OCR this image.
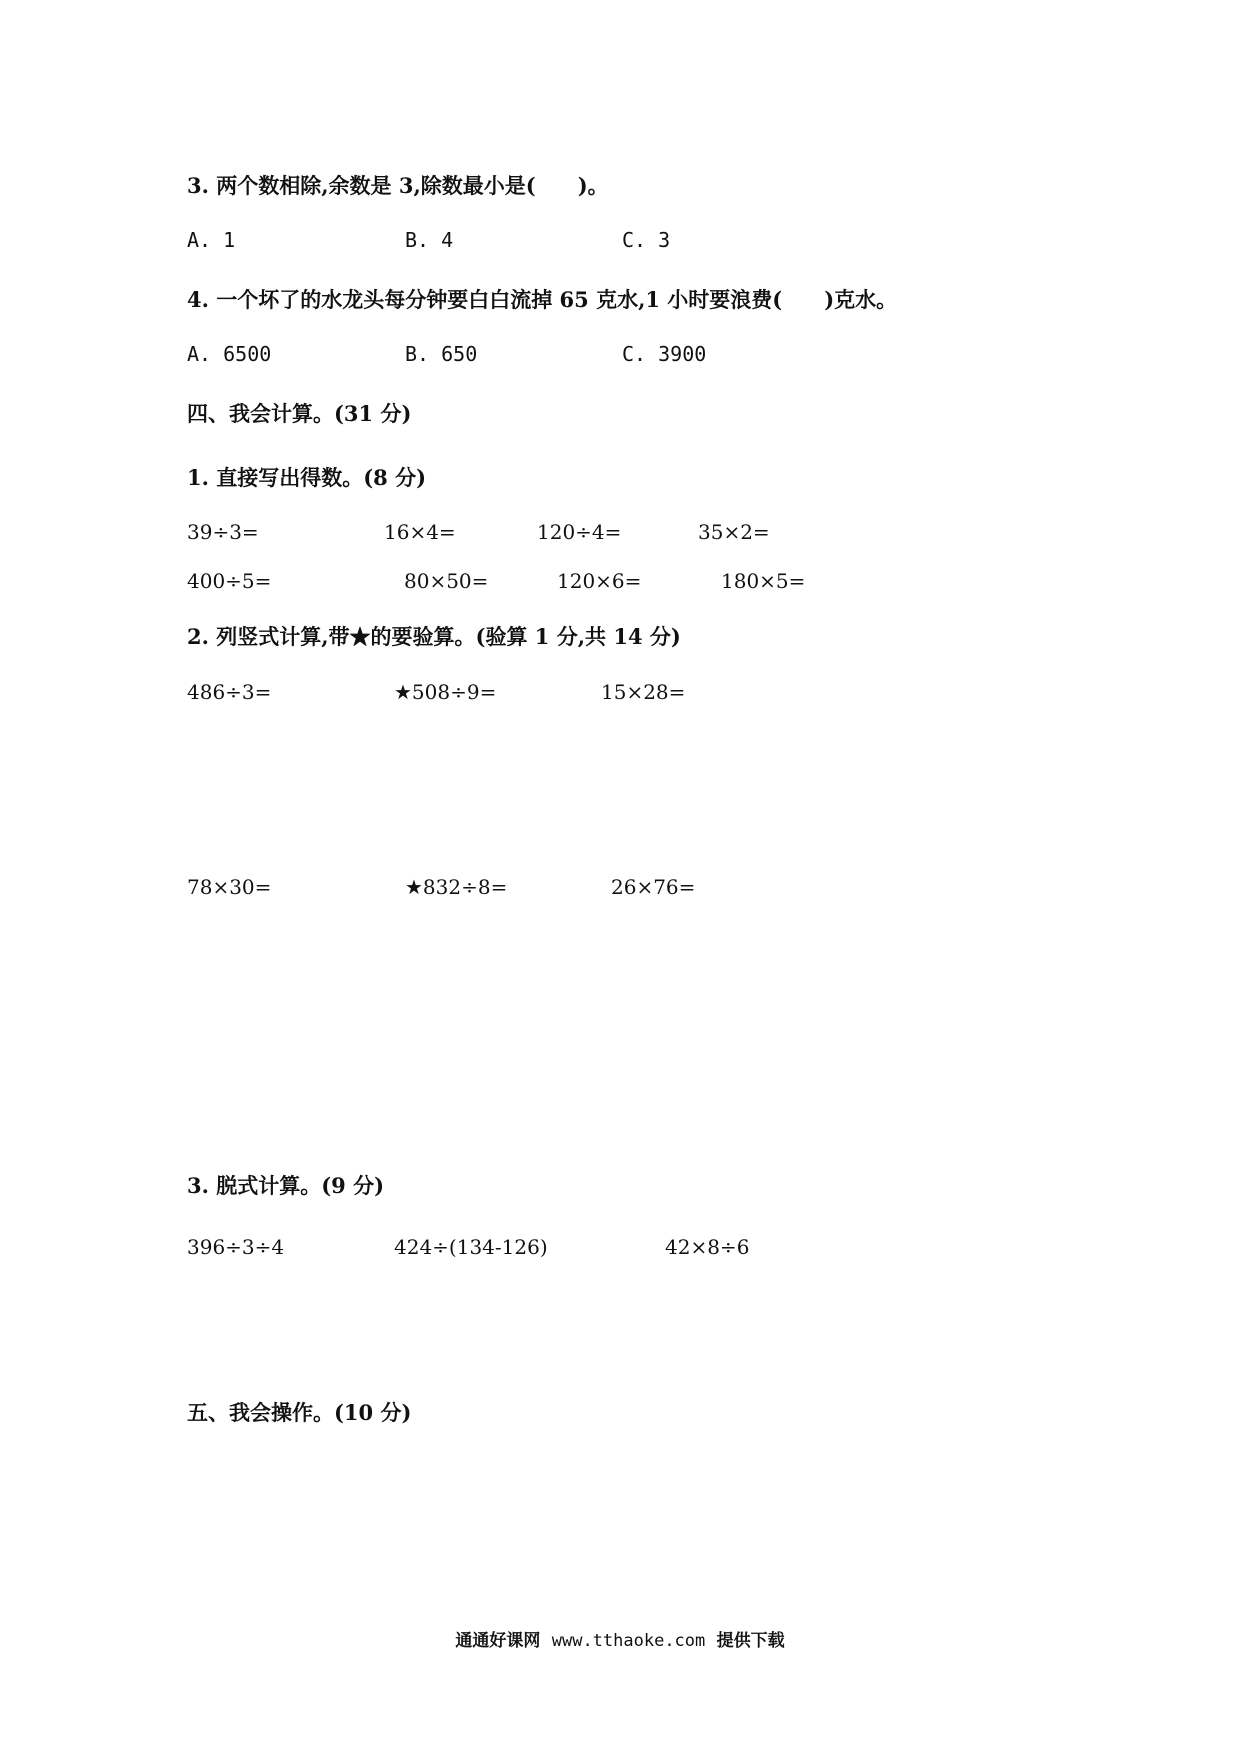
3. 两个数相除,余数是 3,除数最小是(　　)。
A. 1	B. 4	C. 3
4. 一个坏了的水龙头每分钟要白白流掉 65 克水,1 小时要浪费(　　)克水。
A. 6500	B. 650	C. 3900
四、我会计算。(31 分)
1. 直接写出得数。(8 分)
39÷3=	16×4=	120÷4=	35×2=
400÷5=	80×50=	120×6=	180×5=
2. 列竖式计算,带★的要验算。(验算 1 分,共 14 分)
486÷3=	★508÷9=	15×28=
78×30=	★832÷8=	26×76=
3. 脱式计算。(9 分)
396÷3÷4	424÷(134-126)	42×8÷6
五、我会操作。(10 分)
通通好课网 www.tthaoke.com 提供下载
